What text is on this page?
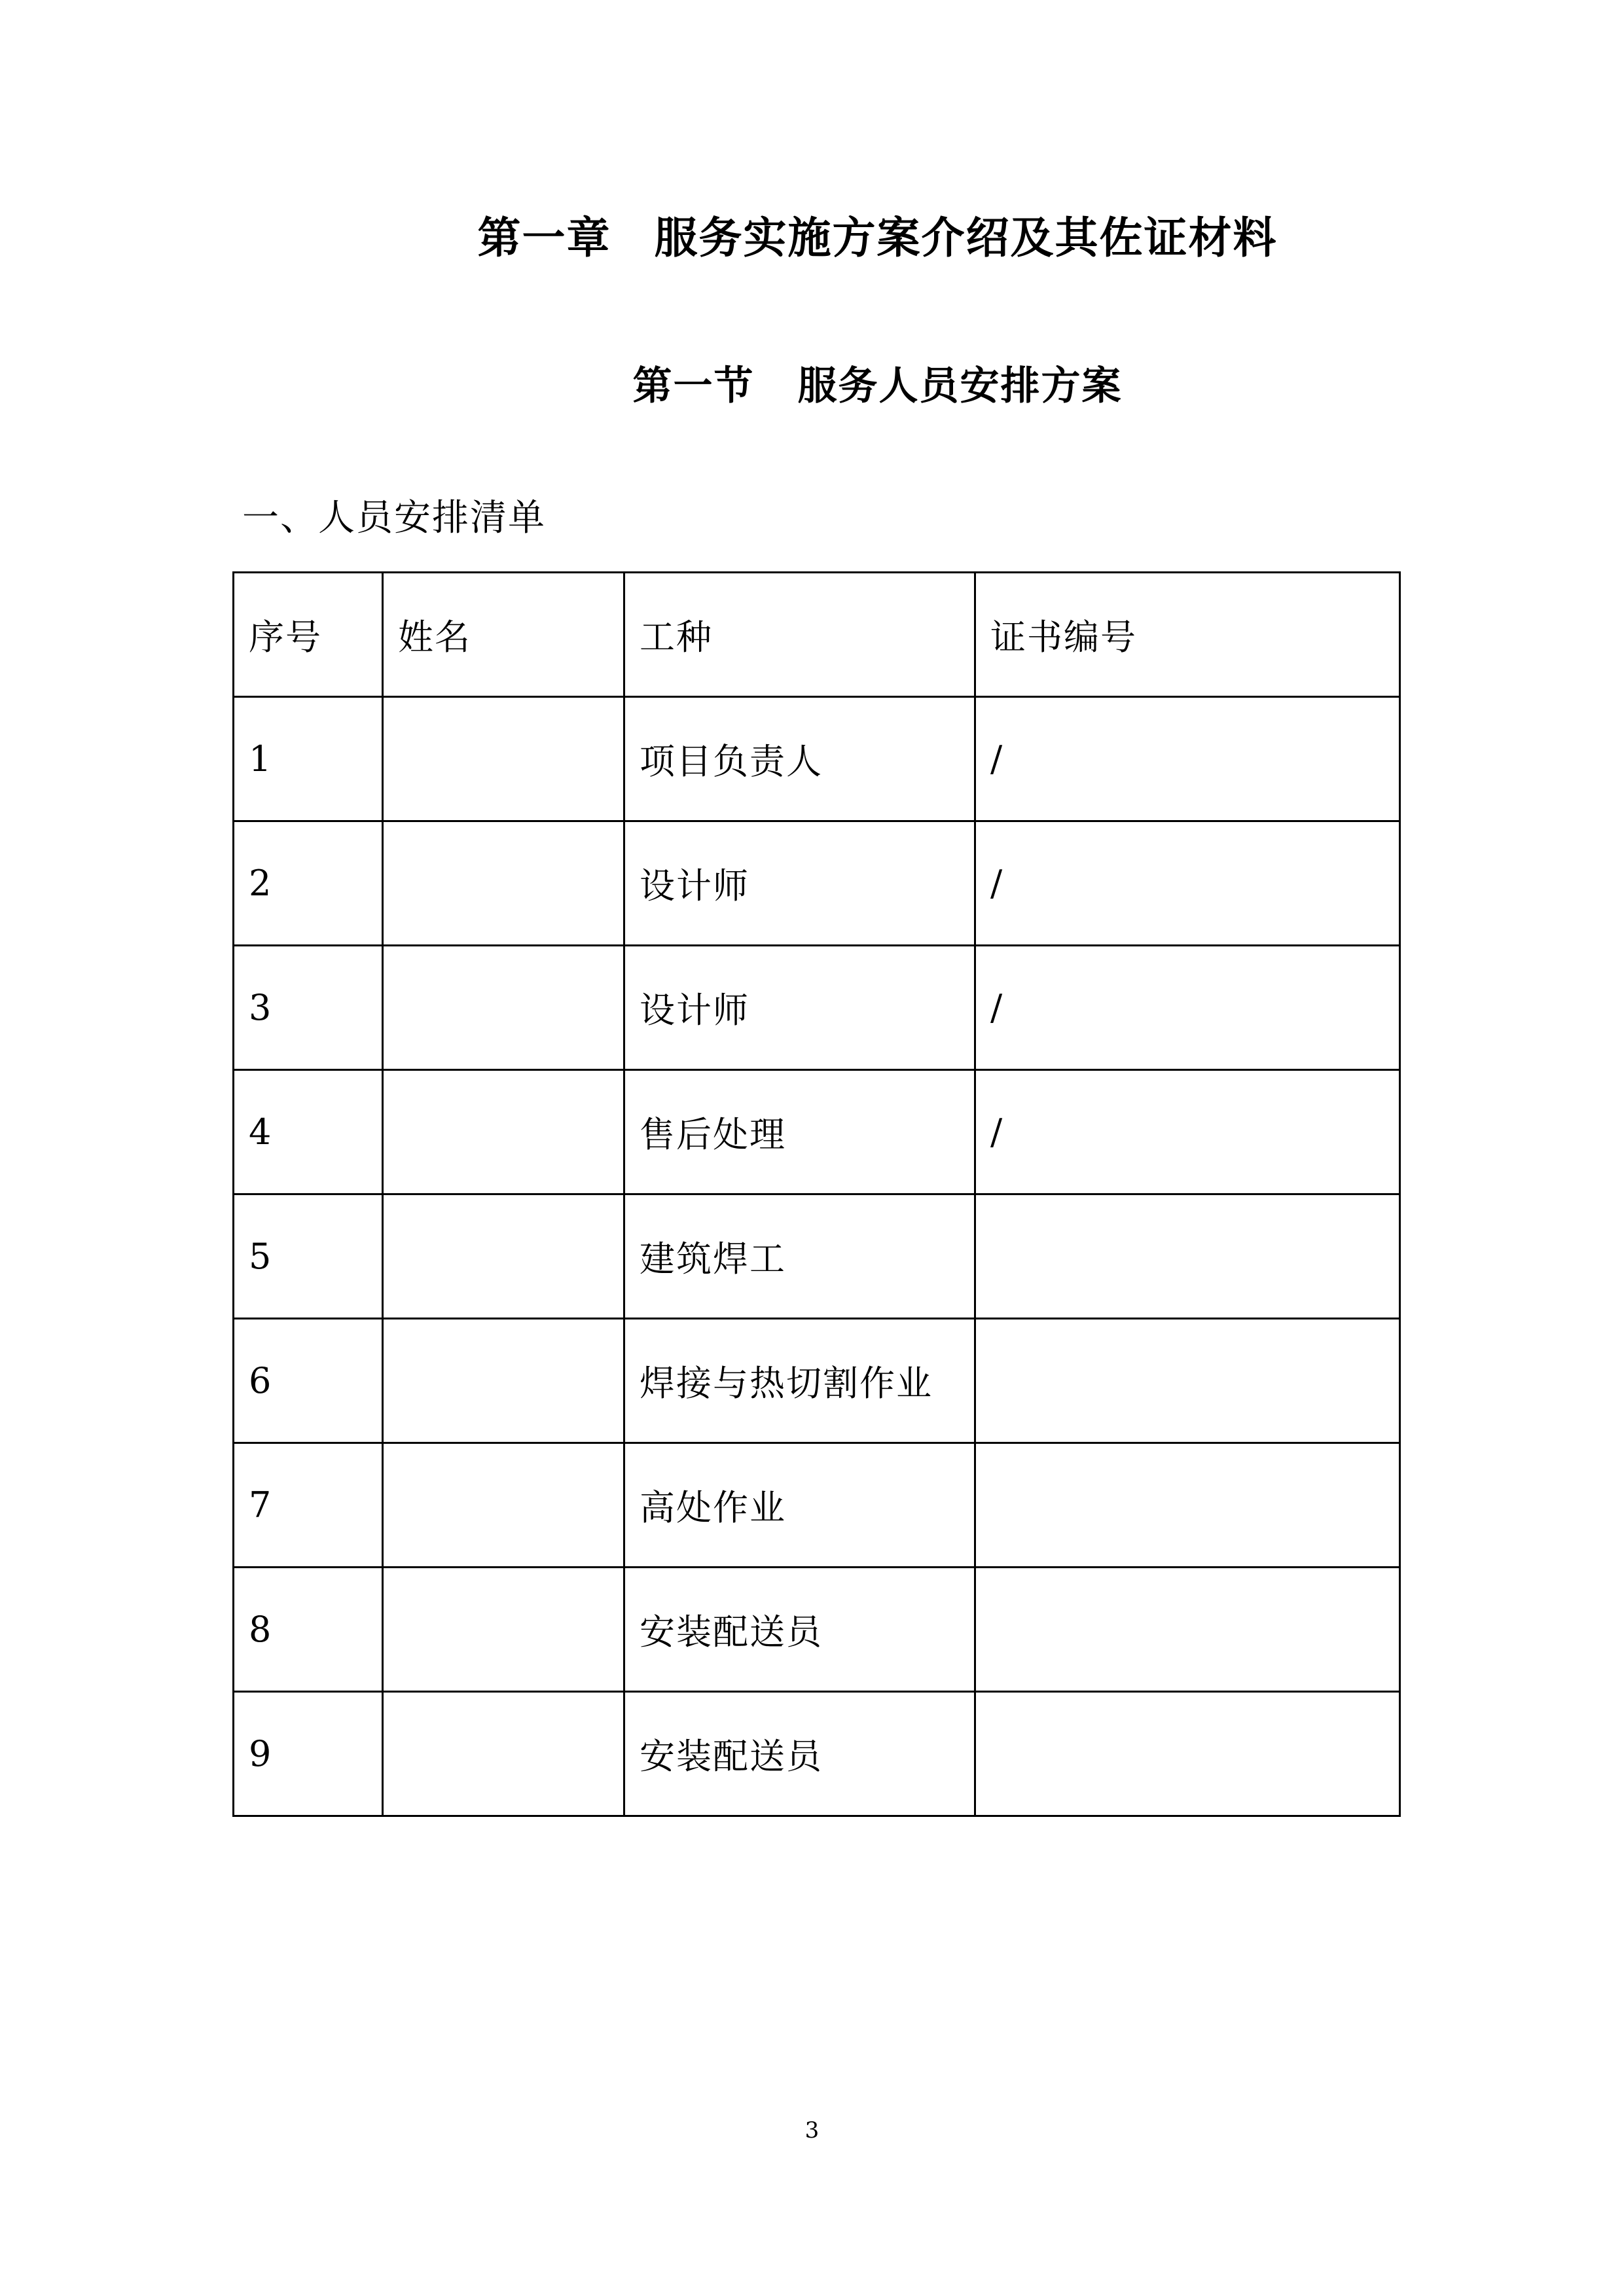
第一章 服务实施方案介绍及其佐证材料
第一节 服务人员安排方案
一、人员安排清单
序号	姓名	工种	证书编号
1		项目负责人	/
2		设计师	/
3		设计师	/
4		售后处理	/
5		建筑焊工	
6		焊接与热切割作业	
7		高处作业	
8		安装配送员	
9		安装配送员	
3
